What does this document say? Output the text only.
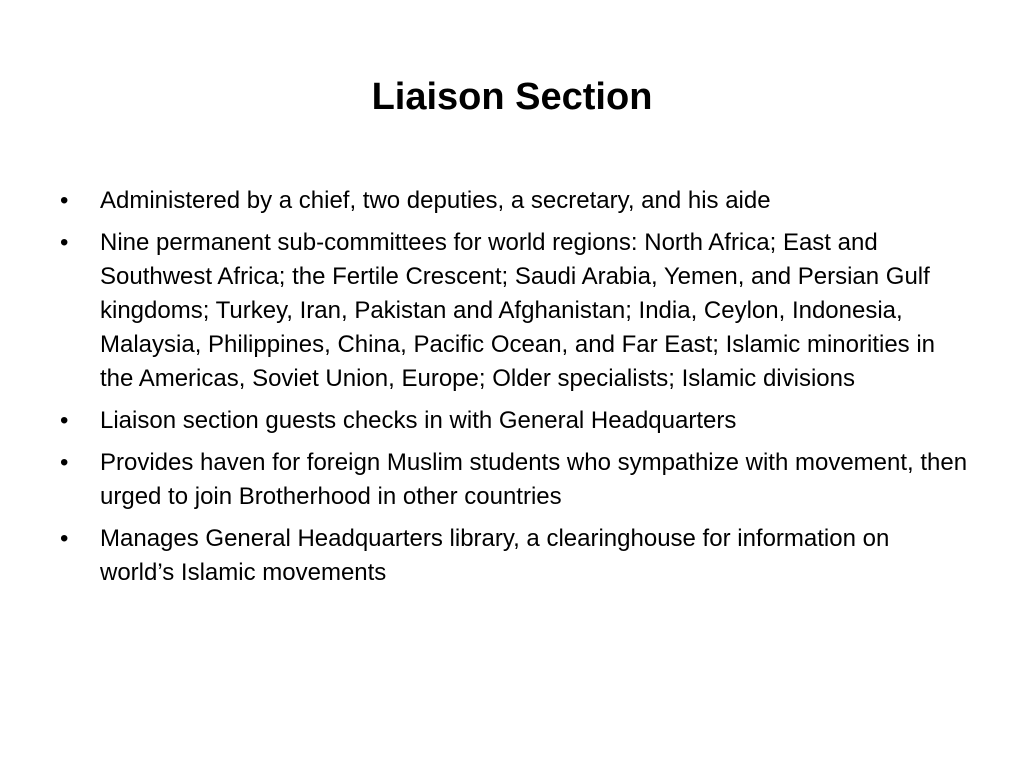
Liaison Section
•	Administered by a chief, two deputies, a secretary, and his aide
•	Nine permanent sub-committees for world regions: North Africa; East and Southwest Africa; the Fertile Crescent; Saudi Arabia, Yemen, and Persian Gulf kingdoms; Turkey, Iran, Pakistan and Afghanistan; India, Ceylon, Indonesia, Malaysia, Philippines, China, Pacific Ocean, and Far East; Islamic minorities in the Americas, Soviet Union, Europe; Older specialists; Islamic divisions
•	Liaison section guests checks in with General Headquarters
•	Provides haven for foreign Muslim students who sympathize with movement, then urged to join Brotherhood in other countries
•	Manages General Headquarters library, a clearinghouse for information on world’s Islamic movements
